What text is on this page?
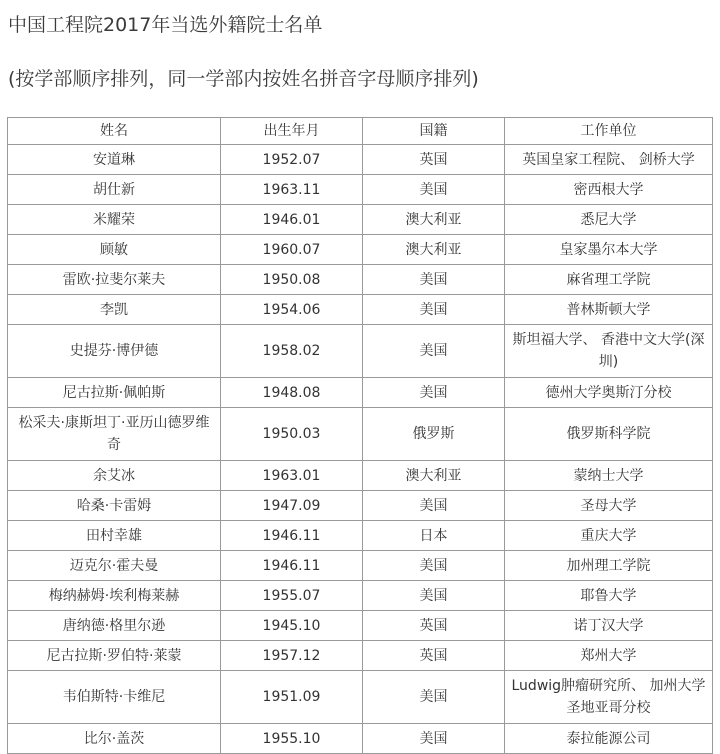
中国工程院2017年当选外籍院士名单
(按学部顺序排列，同一学部内按姓名拼音字母顺序排列)
姓名	出生年月	国籍	工作单位
安道琳	1952.07	英国	英国皇家工程院、 剑桥大学
胡仕新	1963.11	美国	密西根大学
米耀荣	1946.01	澳大利亚	悉尼大学
顾敏	1960.07	澳大利亚	皇家墨尔本大学
雷欧·拉斐尔莱夫	1950.08	美国	麻省理工学院
李凯	1954.06	美国	普林斯顿大学
史提芬·博伊德	1958.02	美国	斯坦福大学、 香港中文大学(深圳)
尼古拉斯·佩帕斯	1948.08	美国	德州大学奥斯汀分校
松采夫·康斯坦丁·亚历山德罗维奇	1950.03	俄罗斯	俄罗斯科学院
余艾冰	1963.01	澳大利亚	蒙纳士大学
哈桑·卡雷姆	1947.09	美国	圣母大学
田村幸雄	1946.11	日本	重庆大学
迈克尔·霍夫曼	1946.11	美国	加州理工学院
梅纳赫姆·埃利梅莱赫	1955.07	美国	耶鲁大学
唐纳德·格里尔逊	1945.10	英国	诺丁汉大学
尼古拉斯·罗伯特·莱蒙	1957.12	英国	郑州大学
韦伯斯特·卡维尼	1951.09	美国	Ludwig肿瘤研究所、 加州大学圣地亚哥分校
比尔·盖茨	1955.10	美国	泰拉能源公司
